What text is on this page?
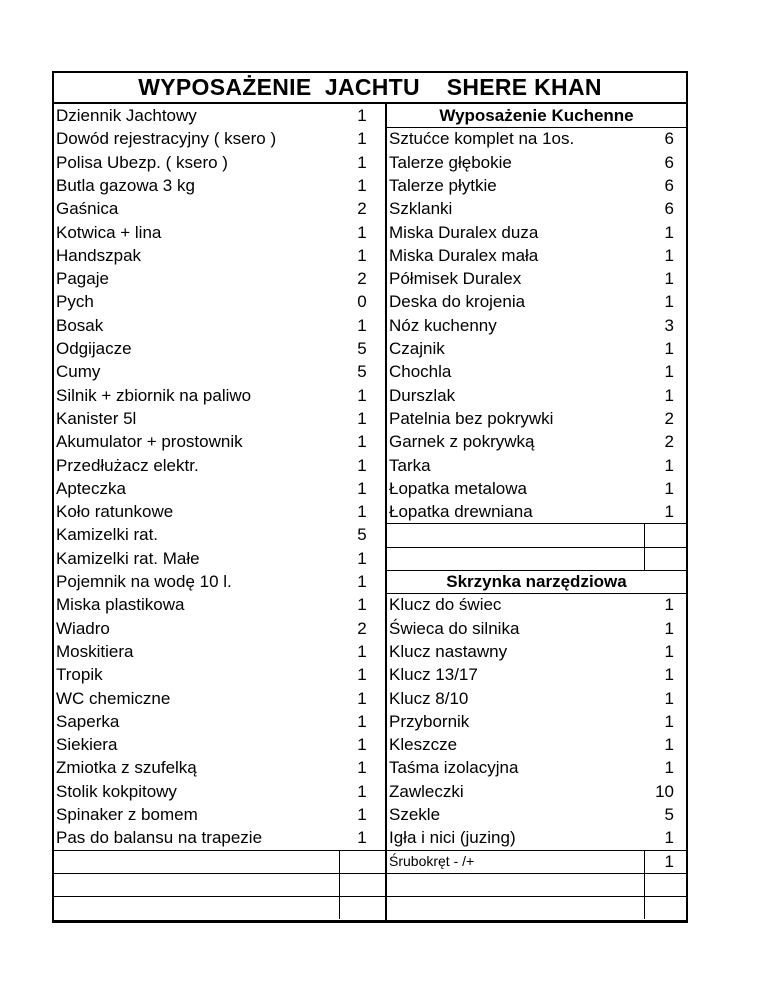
WYPOSAŻENIE  JACHTU    SHERE KHAN
Dziennik Jachtowy	1
Dowód rejestracyjny ( ksero )	1
Polisa Ubezp. ( ksero )	1
Butla gazowa 3 kg	1
Gaśnica	2
Kotwica + lina	1
Handszpak	1
Pagaje	2
Pych	0
Bosak	1
Odgijacze	5
Cumy	5
Silnik + zbiornik na paliwo	1
Kanister 5l	1
Akumulator + prostownik	1
Przedłużacz elektr.	1
Apteczka	1
Koło ratunkowe	1
Kamizelki rat.	5
Kamizelki rat. Małe	1
Pojemnik na wodę 10 l.	1
Miska plastikowa	1
Wiadro	2
Moskitiera	1
Tropik	1
WC chemiczne	1
Saperka	1
Siekiera	1
Zmiotka z szufelką	1
Stolik kokpitowy	1
Spinaker z bomem	1
Pas do balansu na trapezie	1
Wyposażenie Kuchenne
Sztućce komplet na 1os.	6
Talerze głębokie	6
Talerze płytkie	6
Szklanki	6
Miska Duralex duza	1
Miska Duralex mała	1
Półmisek Duralex	1
Deska do krojenia	1
Nóz kuchenny	3
Czajnik	1
Chochla	1
Durszlak	1
Patelnia bez pokrywki	2
Garnek z pokrywką	2
Tarka	1
Łopatka metalowa	1
Łopatka drewniana	1
Skrzynka narzędziowa
Klucz do świec	1
Świeca do silnika	1
Klucz nastawny	1
Klucz 13/17	1
Klucz 8/10	1
Przybornik	1
Kleszcze	1
Taśma izolacyjna	1
Zawleczki	10
Szekle	5
Igła i nici (juzing)	1
Śrubokręt - /+	1
